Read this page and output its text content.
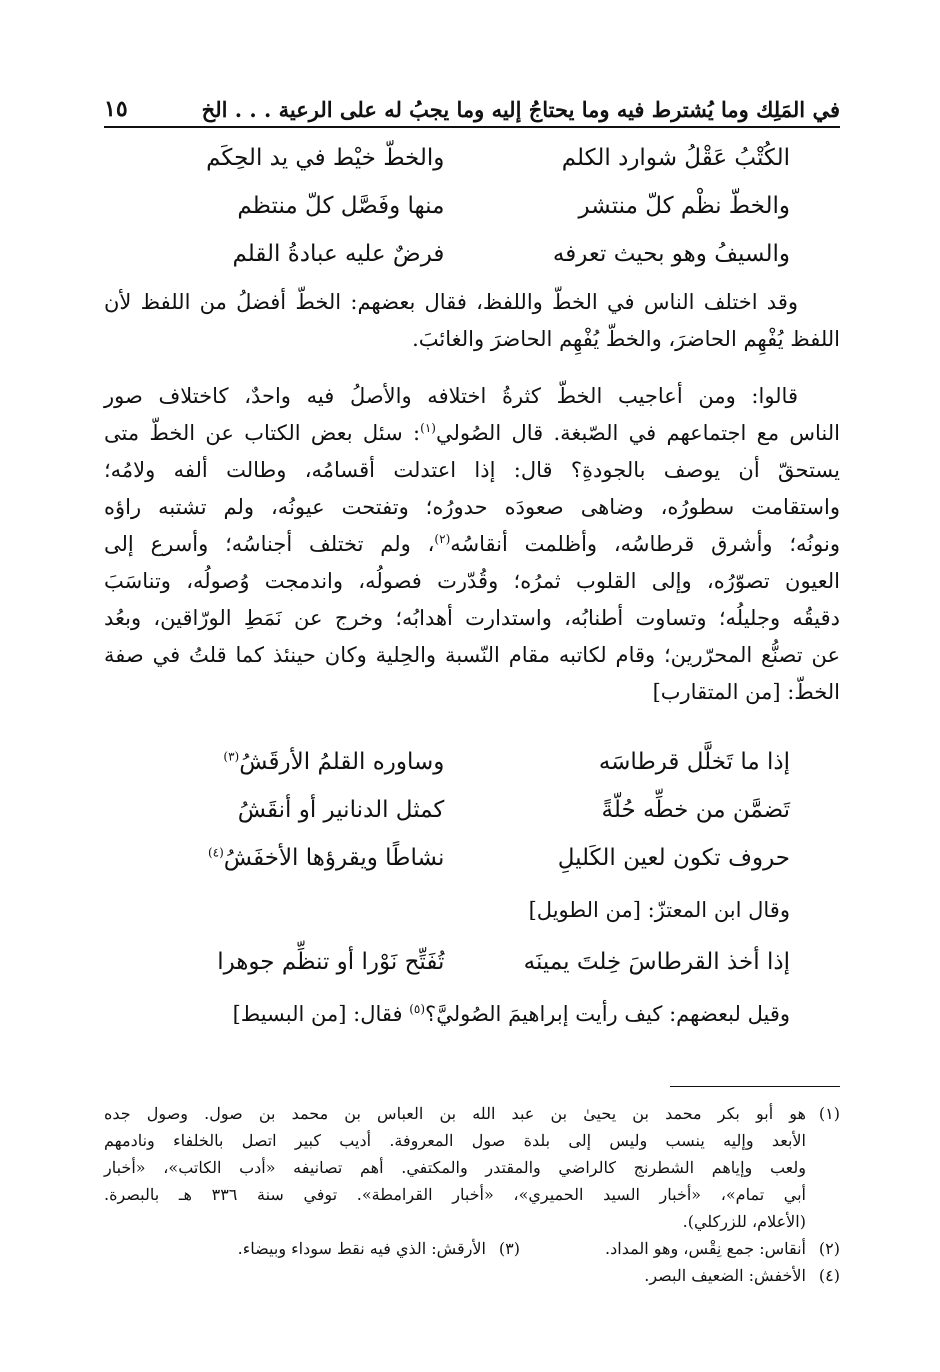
في المَلِك وما يُشترط فيه وما يحتاجُ إليه وما يجبُ له على الرعية . . . الخ
١٥
الكُتْبُ عَقْلُ شوارد الكلم
والخطّ خيْط في يد الحِكَم
والخطّ نظْم كلّ منتشر
منها وفَصَّل كلّ منتظم
والسيفُ وهو بحيث تعرفه
فرضٌ عليه عبادةُ القلم
وقد اختلف الناس في الخطّ واللفظ، فقال بعضهم: الخطّ أفضلُ من اللفظ لأن
اللفظ يُفْهِم الحاضرَ، والخطّ يُفْهِم الحاضرَ والغائبَ.
قالوا: ومن أعاجيب الخطّ كثرةُ اختلافه والأصلُ فيه واحدٌ، كاختلاف صور
الناس مع اجتماعهم في الصّبغة. قال الصُولي$^{(١)}$: سئل بعض الكتاب عن الخطّ متى
يستحقّ أن يوصف بالجودةِ؟ قال: إذا اعتدلت أقسامُه، وطالت ألفه ولامُه؛
واستقامت سطورُه، وضاهى صعودَه حدورُه؛ وتفتحت عيونُه، ولم تشتبه راؤه
ونونُه؛ وأشرق قرطاسُه، وأظلمت أنقاسُه$^{(٢)}$، ولم تختلف أجناسُه؛ وأسرع إلى
العيون تصوّرُه، وإلى القلوب ثمرُه؛ وقُدّرت فصولُه، واندمجت وُصولُه، وتناسَبَ
دقيقُه وجليلُه؛ وتساوت أطنابُه، واستدارت أهدابُه؛ وخرج عن نَمَطِ الورّاقين، وبعُد
عن تصنُّع المحرّرين؛ وقام لكاتبه مقام النّسبة والحِلية وكان حينئذ كما قلتُ في صفة
الخطّ: [من المتقارب]
إذا ما تَخلَّل قرطاسَه
وساوره القلمُ الأرقَشُ$^{(٣)}$
تَضمَّن من خطِّه حُلّةً
كمثل الدنانير أو أنقَشُ
حروف تكون لعين الكَليلِ
نشاطًا ويقرؤها الأخفَشُ$^{(٤)}$
وقال ابن المعتزّ: [من الطويل]
إذا أخذ القرطاسَ خِلتَ يمينَه
تُفَتِّح نَوْرا أو تنظِّم جوهرا
وقيل لبعضهم: كيف رأيت إبراهيمَ الصُوليَّ؟$^{(٥)}$ فقال: [من البسيط]
(١)هو أبو بكر محمد بن يحيىٰ بن عبد الله بن العباس بن محمد بن صول. وصول جده
الأبعد وإليه ينسب وليس إلى بلدة صول المعروفة. أديب كبير اتصل بالخلفاء ونادمهم
ولعب وإياهم الشطرنج كالراضي والمقتدر والمكتفي. أهم تصانيفه «أدب الكاتب»، «أخبار
أبي تمام»، «أخبار السيد الحميري»، «أخبار القرامطة». توفي سنة ٣٣٦ هـ بالبصرة.
(الأعلام، للزركلي).
(٢)أنقاس: جمع نِقْس، وهو المداد.
(٣)الأرقش: الذي فيه نقط سوداء وبيضاء.
(٤)الأخفش: الضعيف البصر.
